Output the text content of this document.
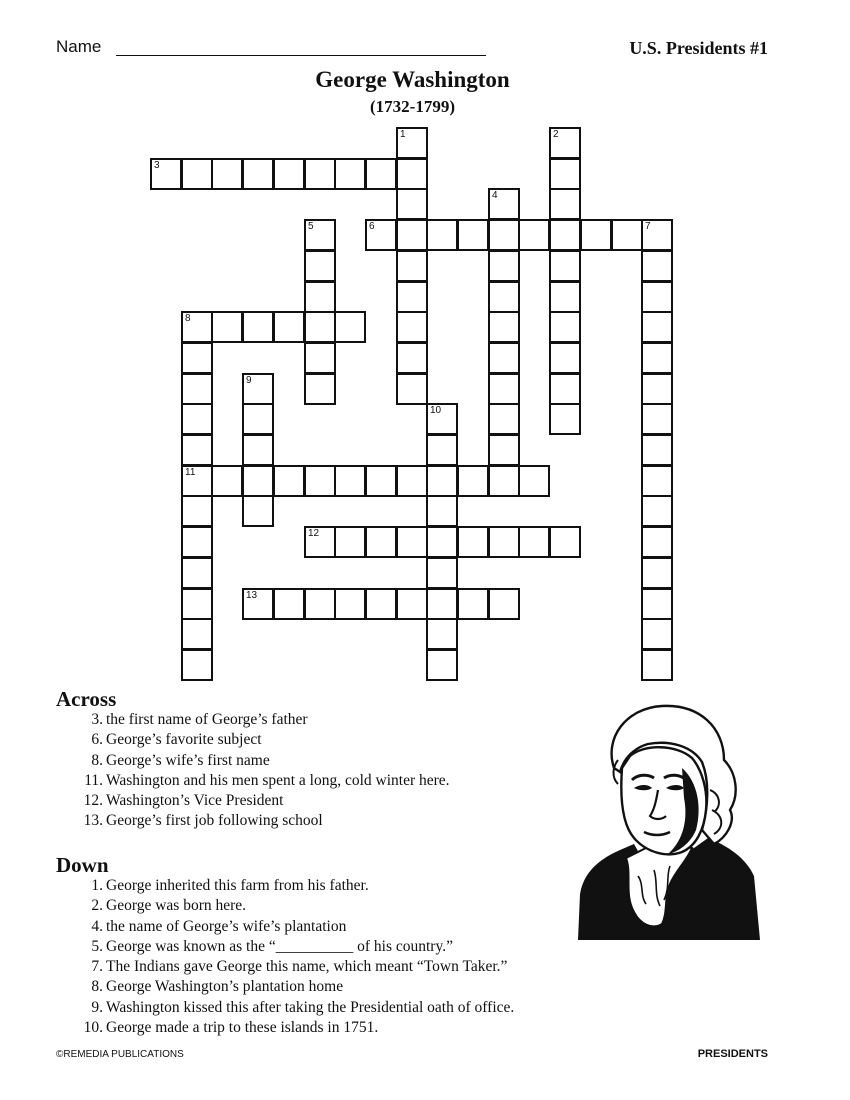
Name	U.S. Presidents #1
George Washington
(1732-1799)
1	2
3
4
5	6	7
8
11
9
10
12
13
Across
3. the first name of George’s father
6. George’s favorite subject
8. George’s wife’s first name
11. Washington and his men spent a long, cold winter here.
12. Washington’s Vice President
13. George’s first job following school
Down
1. George inherited this farm from his father.
2. George was born here.
4. the name of George’s wife’s plantation
5. George was known as the “__________ of his country.”
7. The Indians gave George this name, which meant “Town Taker.”
8. George Washington’s plantation home
9. Washington kissed this after taking the Presidential oath of office.
10. George made a trip to these islands in 1751.
©REMEDIA PUBLICATIONS	PRESIDENTS
